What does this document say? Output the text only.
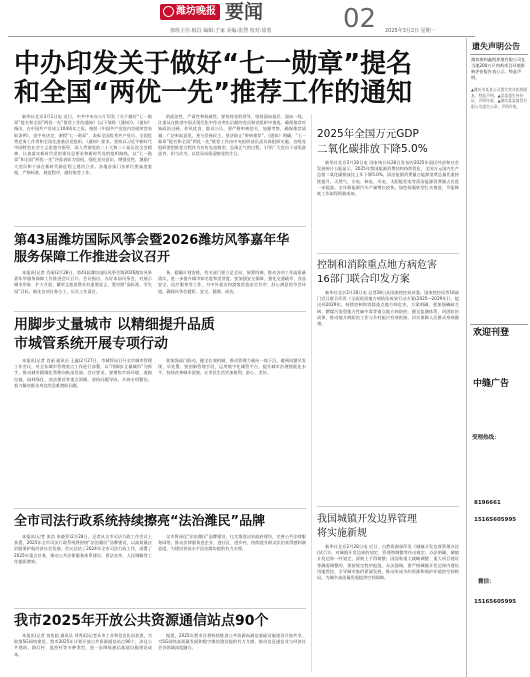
潍坊晚报 要闻	02
值班主任:韩昌 编辑:于家 美编:张慧 校对:徐勇	2025年3月2日 星期一
中办印发关于做好“七一勋章”提名
和全国“两优一先”推荐工作的通知
新华社北京3月1日电 近日，中共中央办公厅印发《关于做好“七一勋章”提名和全国“两优一先”推荐工作的通知》(以下简称《通知》)。《通知》指出，在中国共产党成立104周年之际，按照《中国共产党党内功勋荣誉表彰条例》，党中央决定，颁授“七一勋章”，表彰全国优秀共产党员、全国优秀党务工作者和全国先进基层党组织。《通知》要求，坚持以习近平新时代中国特色社会主义思想为指导，深入贯彻党的二十大和二十届历次全会精神，认真落实新时代党的建设总要求和新时代党的组织路线，以“七一勋章”和全国“两优一先”评选表彰为契机，强化党员意识，增强党性，激励广大党员和干部在新时代新征程上建功立业。各地各部门各单位要高度重视，严格标准，规范程序，做好推荐工作。
的政治性、严肃性和权威性。要坚持党的领导，坚持面向基层、面向一线，注重从在推进中国式现代化中作出突出贡献的党员和党组织中推选，确保推荐对象政治过硬、作风优良、群众公认。要严格审核把关，加强考察，确保推荐质量，广泛听取意见，充分发扬民主，坚决防止“带病推荐”。《通知》明确，“七一勋章”提名和全国“两优一先”推荐工作由中央组织部负责具体组织实施。各级党组织要把推荐过程作为宣传先进典型、弘扬正气的过程，引导广大党员干部见贤思齐、担当作为，以优异成绩迎接党的生日。
第43届潍坊国际风筝会暨2026潍坊风筝嘉年华
服务保障工作推进会议召开
本报讯(记者 肖丽)2月28日，第43届潍坊国际风筝会暨2026潍坊风筝嘉年华服务保障工作推进会议召开。会议指出，办好本届风筝会，对展示城市形象、扩大开放、繁荣文旅消费具有重要意义。要对照“高标准、零失误”目标，细化各项任务分工，压实工作责任。
务，精确计划安排，有关部门要立足全局、统筹协调，推动各项工作高质量落实，进一步提升城市知名度和美誉度。要加强安全保障，强化交通疏导、食品安全、医疗服务等工作，为中外嘉宾和游客营造安全有序、舒心满意的节会环境，确保风筝会精彩、安全、圆满、成功。
用脚步丈量城市 以精细提升品质
市城管系统开展专项行动
本报讯(记者 肖丽 通讯员 王鑫)2月27日，市城管局召开全市城市管理工作会议，对全年城市管理重点工作进行部署，以“用脚步丈量城市”为抓手，推动城市精细化管理向纵深发展。会议要求，要聚焦市容环境、道路设施、园林绿化、违法建设等重点领域，坚持问题导向，开展专项整治，着力解决群众身边的急难愁盼问题。
要加强部门联动，健全长效机制，推动管理力量向一线下沉，做到问题早发现、早处置。要创新管理手段，运用数字化城管平台，提升城市治理智能化水平，持续改善城市面貌，让市民生活更加便利、舒心、美好。
全市司法行政系统持续擦亮“法治潍民”品牌
本报讯(记者 张浩 张晓菲)2月28日，记者从全市司法行政工作会议上获悉，2025年全市司法行政系统将围绕“法治潍民”品牌建设，以高质量法治服务护航经济社会发展。会议总结了2024年全市司法行政工作，部署了2025年重点任务，推动公共法律服务体系建设、普法宣传、人民调解等工作提质增效。
全市将深化“法治潍民”品牌建设，扎实推进法治政府建设，完善公共法律服务网络，推动法律服务进企业、进社区、进乡村，持续提升群众法治获得感和满意度，为建设更高水平法治潍坊提供有力支撑。
我市2025年开放公共资源通信站点90个
本报讯(记者 刘兆超 通讯员 刘秀雨)记者从市工业和信息化局获悉，为助推5G网络建设，我市2025年计划开放公共资源通信站点90个，涉及公共建筑、路灯杆、监控杆等多种类型，进一步降低通信基础设施建设成本。
据悉，2025年我市还将持续推进公共资源向通信基础设施建设开放共享，为5G网络高质量发展和数字潍坊建设提供有力支撑，推动信息通信业与经济社会各领域深度融合。
2025年全国万元GDP
二氧化碳排放下降5.0%
新华社北京2月28日电 国家统计局28日发布的2025年国民经济和社会发展统计公报显示，2025年我国能源消费结构持续优化，全国万元国内生产总值二氧化碳排放比上年下降5.0%。清洁能源消费量占能源消费总量比重持续提升，天然气、水电、核电、风电、太阳能发电等清洁能源消费量占比进一步提高。全年新能源汽车产量增长较快，绿色低碳转型扎实推进，节能降耗工作取得积极成效。
控制和消除重点地方病危害
16部门联合印发方案
新华社北京2月28日电 记者28日从国家疾控局获悉，国家疾控局等16部门近日联合印发《全面巩固地方病防治成果行动方案(2025—2029年)》，提出到2029年，持续控制和消除重点地方病危害。方案明确，要加强碘缺乏病、燃煤污染型地方性砷中毒等重点地方病防控，健全监测体系，巩固防治成果，推动地方病防治工作与乡村振兴有效衔接，切实保障人民群众身体健康。
我国城镇开发边界管理
将实施新规
新华社北京2月28日电 近日，自然资源部印发《城镇开发边界管理办法(试行)》，对城镇开发边界的划定、管理和调整等作出规定。办法明确，城镇开发边界一经划定，原则上不得调整；因国家重大战略调整、重大项目建设等确需调整的，须按规定程序报批。办法强调，要严格城镇开发边界内建设用地管控，引导城市集约紧凑发展，推动形成节约资源和保护环境的空间格局，为城乡高质量发展提供空间保障。
遗失声明公告
潍坊康和鑫悦养殖有限公司在当地200万只肉鸡项目环境影响评价报告表公示，特此声明。
▲潍坊市某某公司遗失营业执照副本，特此声明。▲某某遗失身份证，声明作废。▲潍坊某某商贸有限公司遗失公章，声明作废。
欢迎刊登
中缝广告
受理热线：
8196661
15165605995
微信：
15165605995
